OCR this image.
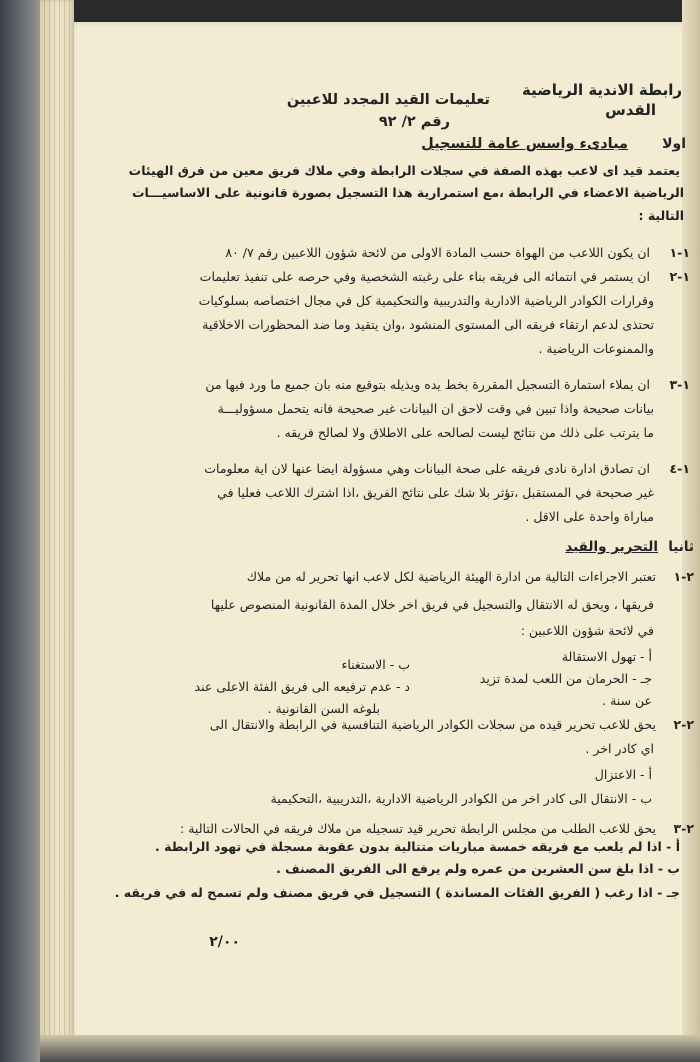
رابطة الاندية الرياضية
القدس
تعليمات القيد المجدد للاعبين
رقم ٢/ ٩٢
اولا
مبادىء واسس عامة للتسجيل
يعتمد قيد اى لاعب بهذه الصفة في سجلات الرابطة وفي ملاك فريق معين من فرق الهيئات
الرياضية الاعضاء في الرابطة ،مع استمرارية هذا التسجيل بصورة قانونية على الاساسيـــات
التالية :
١-١
ان يكون اللاعب من الهواة حسب المادة الاولى من لائحة شؤون اللاعبين رقم ٧/ ٨٠
١-٢
ان يستمر في انتمائه الى فريقه بناء على رغبته الشخصية وفي حرصه على تنفيذ تعليمات
وقرارات الكوادر الرياضية الادارية والتدريبية والتحكيمية كل في مجال اختصاصه بسلوكيات
تحتذى لدعم ارتقاء فريقه الى المستوى المنشود ،وان يتقيد وما ضد المحظورات الاخلاقية
والممنوعات الرياضية .
١-٣
ان يملاء استمارة التسجيل المقررة بخط يده ويذيله بتوقيع منه بان جميع ما ورد فيها من
بيانات صحيحة واذا تبين في وقت لاحق ان البيانات غير صحيحة فانه يتحمل مسؤوليـــة
ما يترتب على ذلك من نتائج ليست لصالحه على الاطلاق ولا لصالح فريقه .
١-٤
ان تصادق ادارة نادى فريقه على صحة البيانات وهي مسؤولة ايضا عنها لان اية معلومات
غير صحيحة في المستقبل ،تؤثر بلا شك على نتائج الفريق ،اذا اشترك اللاعب فعليا في
مباراة واحدة على الاقل .
ثانيا
التحرير والقيد
٢-١
تعتبر الاجراءات التالية من ادارة الهيئة الرياضية لكل لاعب انها تحرير له من ملاك
فريقها ، ويحق له الانتقال والتسجيل في فريق اخر خلال المدة القانونية المنصوص عليها
في لائحة شؤون اللاعبين :
أ - تهول الاستقالة
ب - الاستغناء
جـ - الحرمان من اللعب لمدة تزيد
د - عدم ترفيعه الى فريق الفئة الاعلى عند
عن سنة .
بلوغه السن القانونية .
٢-٢
يحق للاعب تحرير قيده من سجلات الكوادر الرياضية التنافسية في الرابطة والانتقال الى
اي كادر اخر .
أ - الاعتزال
ب - الانتقال الى كادر اخر من الكوادر الرياضية الادارية ،التدريبية ،التحكيمية
٢-٣
يحق للاعب الطلب من مجلس الرابطة تحرير قيد تسجيله من ملاك فريقه في الحالات التالية :
أ - اذا لم يلعب مع فريقه خمسة مباريات متتالية بدون عقوبة مسجلة في تهود الرابطة .
ب - اذا بلغ سن العشرين من عمره ولم يرفع الى الفريق المصنف .
جـ - اذا رغب ( الفريق الفئات المساندة ) التسجيل في فريق مصنف ولم تسمح له في فريقه .
٢/٠٠
